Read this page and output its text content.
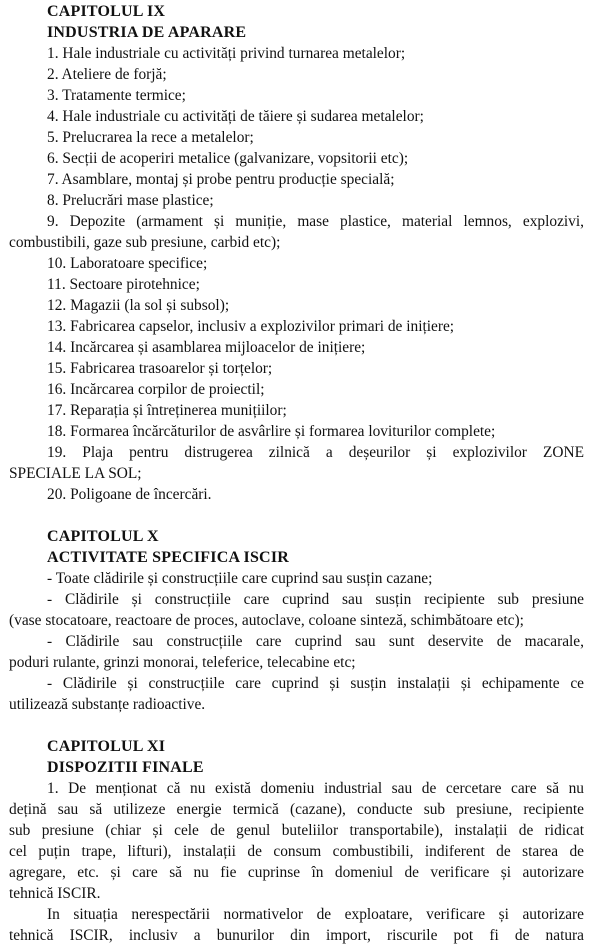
CAPITOLUL IX
INDUSTRIA DE APARARE
1. Hale industriale cu activități privind turnarea metalelor;
2. Ateliere de forjă;
3. Tratamente termice;
4. Hale industriale cu activități de tăiere și sudarea metalelor;
5. Prelucrarea la rece a metalelor;
6. Secții de acoperiri metalice (galvanizare, vopsitorii etc);
7. Asamblare, montaj și probe pentru producție specială;
8. Prelucrări mase plastice;
9. Depozite (armament și muniție, mase plastice, material lemnos, explozivi,
combustibili, gaze sub presiune, carbid etc);
10. Laboratoare specifice;
11. Sectoare pirotehnice;
12. Magazii (la sol și subsol);
13. Fabricarea capselor, inclusiv a explozivilor primari de inițiere;
14. Incărcarea și asamblarea mijloacelor de inițiere;
15. Fabricarea trasoarelor și torțelor;
16. Incărcarea corpilor de proiectil;
17. Reparația și întreținerea munițiilor;
18. Formarea încărcăturilor de asvârlire și formarea loviturilor complete;
19. Plaja pentru distrugerea zilnică a deșeurilor și explozivilor ZONE
SPECIALE LA SOL;
20. Poligoane de încercări.
CAPITOLUL X
ACTIVITATE SPECIFICA ISCIR
- Toate clădirile și construcțiile care cuprind sau susțin cazane;
- Clădirile și construcțiile care cuprind sau susțin recipiente sub presiune
(vase stocatoare, reactoare de proces, autoclave, coloane sinteză, schimbătoare etc);
- Clădirile sau construcțiile care cuprind sau sunt deservite de macarale,
poduri rulante, grinzi monorai, teleferice, telecabine etc;
- Clădirile și construcțiile care cuprind și susțin instalații și echipamente ce
utilizează substanțe radioactive.
CAPITOLUL XI
DISPOZITII FINALE
1. De menționat că nu există domeniu industrial sau de cercetare care să nu
dețină sau să utilizeze energie termică (cazane), conducte sub presiune, recipiente
sub presiune (chiar și cele de genul buteliilor transportabile), instalații de ridicat
cel puțin trape, lifturi), instalații de consum combustibili, indiferent de starea de
agregare, etc. și care să nu fie cuprinse în domeniul de verificare și autorizare
tehnică ISCIR.
In situația nerespectării normativelor de exploatare, verificare și autorizare
tehnică ISCIR, inclusiv a bunurilor din import, riscurile pot fi de natura
